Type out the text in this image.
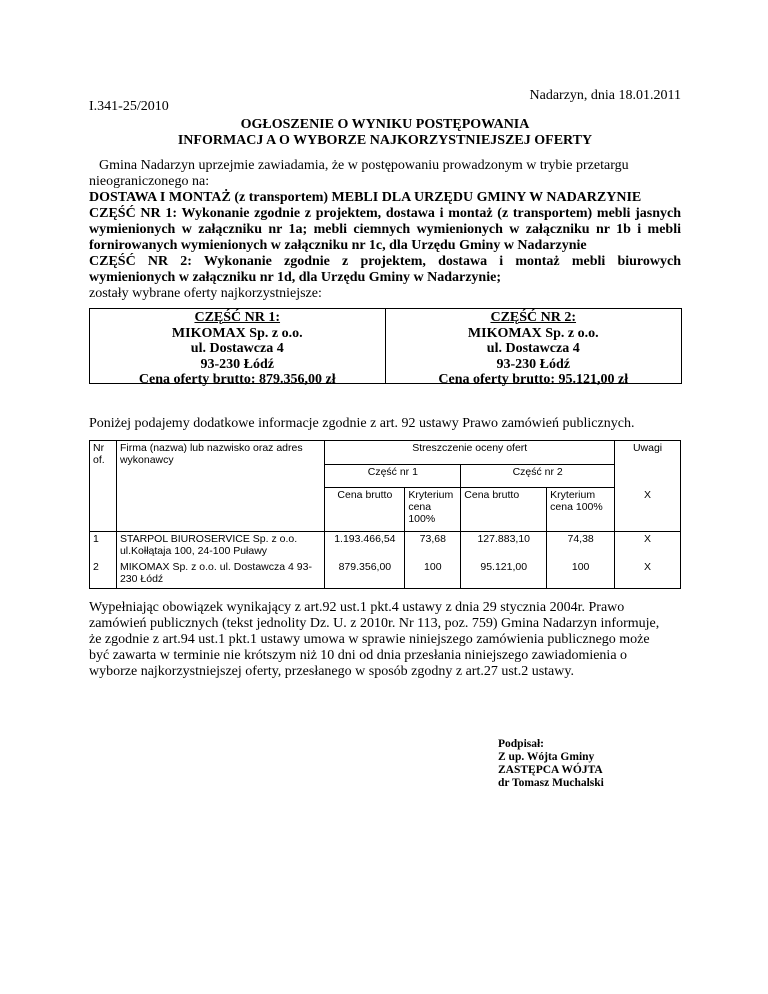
Nadarzyn, dnia 18.01.2011
I.341-25/2010
OGŁOSZENIE O WYNIKU POSTĘPOWANIA
INFORMACJ A O WYBORZE NAJKORZYSTNIEJSZEJ OFERTY
Gmina Nadarzyn uprzejmie zawiadamia, że w postępowaniu prowadzonym w trybie przetargu
nieograniczonego na:
DOSTAWA I MONTAŻ (z transportem) MEBLI DLA URZĘDU GMINY W NADARZYNIE
CZĘŚĆ NR 1: Wykonanie zgodnie z projektem, dostawa i montaż (z transportem) mebli jasnych
wymienionych w załączniku nr 1a; mebli ciemnych wymienionych w załączniku nr 1b i mebli
fornirowanych wymienionych w załączniku nr 1c, dla Urzędu Gminy w Nadarzynie
CZĘŚĆ NR 2: Wykonanie zgodnie z projektem, dostawa i montaż mebli biurowych
wymienionych w załączniku nr 1d, dla Urzędu Gminy w Nadarzynie;
zostały wybrane oferty najkorzystniejsze:
CZĘŚĆ NR 1:
MIKOMAX Sp. z o.o.
ul. Dostawcza 4
93-230 Łódź
Cena oferty brutto: 879.356,00 zł
CZĘŚĆ NR 2:
MIKOMAX Sp. z o.o.
ul. Dostawcza 4
93-230 Łódź
Cena oferty brutto: 95.121,00 zł
Poniżej podajemy dodatkowe informacje zgodnie z art. 92 ustawy Prawo zamówień publicznych.
Nr of.	Firma (nazwa) lub nazwisko oraz adres wykonawcy	Streszczenie oceny ofert				Uwagi
		Część nr 1		Część nr 2		
		Cena brutto	Kryterium cena 100%	Cena brutto	Kryterium cena 100%	X
1	STARPOL BIUROSERVICE Sp. z o.o. ul.Kołłątaja 100, 24-100 Puławy	1.193.466,54	73,68	127.883,10	74,38	X
2	MIKOMAX Sp. z o.o. ul. Dostawcza 4 93-230 Łódź	879.356,00	100	95.121,00	100	X
Wypełniając obowiązek wynikający z art.92 ust.1 pkt.4 ustawy z dnia 29 stycznia 2004r. Prawo
zamówień publicznych (tekst jednolity Dz. U. z 2010r. Nr 113, poz. 759) Gmina Nadarzyn informuje,
że zgodnie z art.94 ust.1 pkt.1 ustawy umowa w sprawie niniejszego zamówienia publicznego może
być zawarta w terminie nie krótszym niż 10 dni od dnia przesłania niniejszego zawiadomienia o
wyborze najkorzystniejszej oferty, przesłanego w sposób zgodny z art.27 ust.2 ustawy.
Podpisał:
Z up. Wójta Gminy
ZASTĘPCA WÓJTA
dr Tomasz Muchalski
